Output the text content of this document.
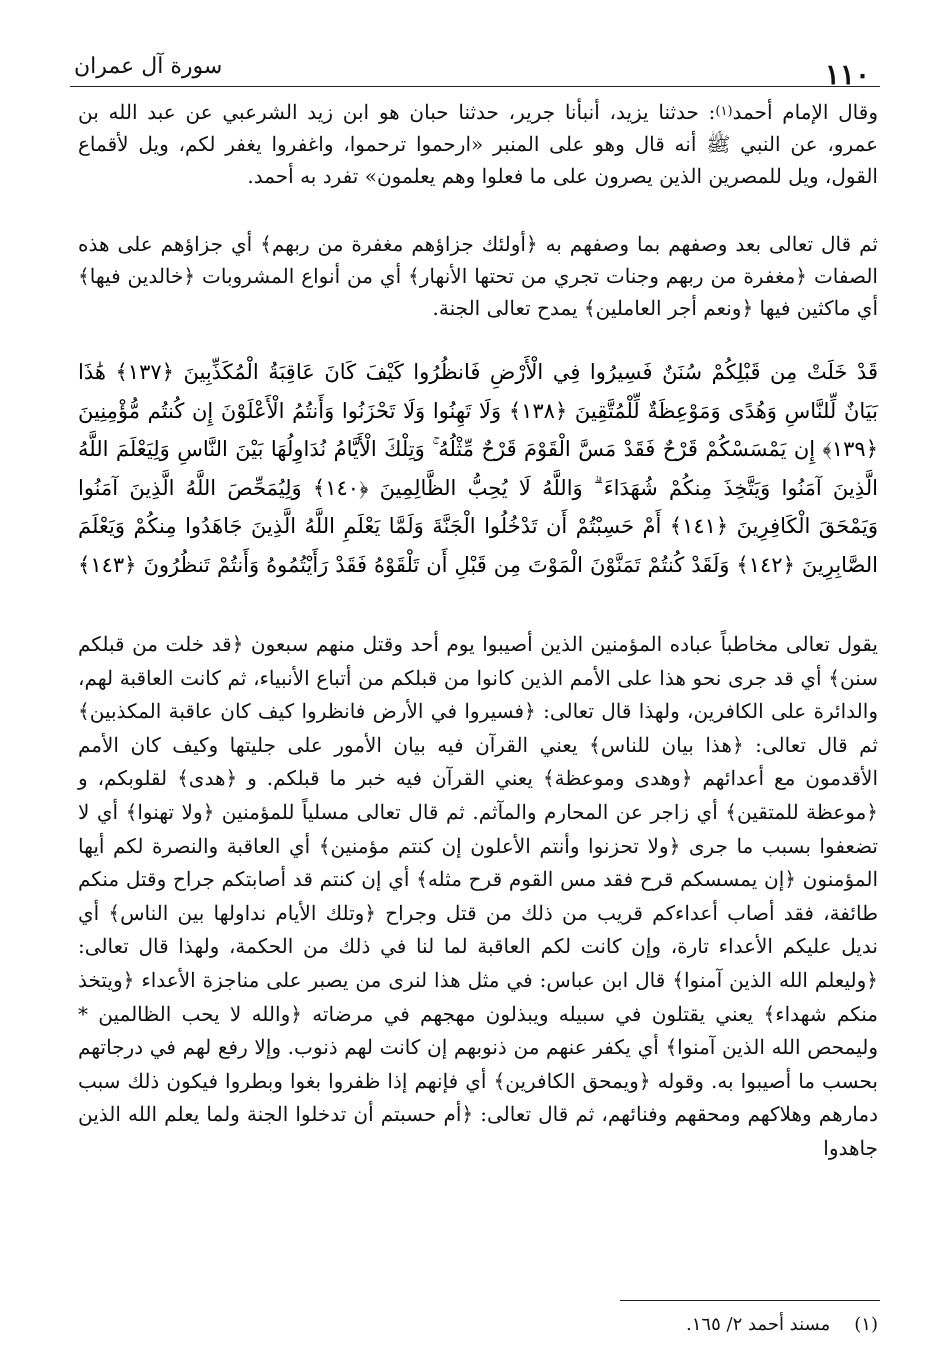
١١٠
سورة آل عمران

وقال الإمام أحمد$^{(١)}$: حدثنا يزيد، أنبأنا جرير، حدثنا حبان هو ابن زيد الشرعبي عن عبد الله بن عمرو، عن النبي ﷺ أنه قال وهو على المنبر «ارحموا ترحموا، واغفروا يغفر لكم، ويل لأقماع القول، ويل للمصرين الذين يصرون على ما فعلوا وهم يعلمون» تفرد به أحمد.

ثم قال تعالى بعد وصفهم بما وصفهم به ﴿أولئك جزاؤهم مغفرة من ربهم﴾ أي جزاؤهم على هذه الصفات ﴿مغفرة من ربهم وجنات تجري من تحتها الأنهار﴾ أي من أنواع المشروبات ﴿خالدين فيها﴾ أي ماكثين فيها ﴿ونعم أجر العاملين﴾ يمدح تعالى الجنة.

قَدْ خَلَتْ مِن قَبْلِكُمْ سُنَنٌ فَسِيرُوا فِي الْأَرْضِ فَانظُرُوا كَيْفَ كَانَ عَاقِبَةُ الْمُكَذِّبِينَ ﴿١٣٧﴾ هَٰذَا بَيَانٌ لِّلنَّاسِ وَهُدًى وَمَوْعِظَةٌ لِّلْمُتَّقِينَ ﴿١٣٨﴾ وَلَا تَهِنُوا وَلَا تَحْزَنُوا وَأَنتُمُ الْأَعْلَوْنَ إِن كُنتُم مُّؤْمِنِينَ ﴿١٣٩﴾ إِن يَمْسَسْكُمْ قَرْحٌ فَقَدْ مَسَّ الْقَوْمَ قَرْحٌ مِّثْلُهُ ۚ وَتِلْكَ الْأَيَّامُ نُدَاوِلُهَا بَيْنَ النَّاسِ وَلِيَعْلَمَ اللَّهُ الَّذِينَ آمَنُوا وَيَتَّخِذَ مِنكُمْ شُهَدَاءَ ۗ وَاللَّهُ لَا يُحِبُّ الظَّالِمِينَ ﴿١٤٠﴾ وَلِيُمَحِّصَ اللَّهُ الَّذِينَ آمَنُوا وَيَمْحَقَ الْكَافِرِينَ ﴿١٤١﴾ أَمْ حَسِبْتُمْ أَن تَدْخُلُوا الْجَنَّةَ وَلَمَّا يَعْلَمِ اللَّهُ الَّذِينَ جَاهَدُوا مِنكُمْ وَيَعْلَمَ الصَّابِرِينَ ﴿١٤٢﴾ وَلَقَدْ كُنتُمْ تَمَنَّوْنَ الْمَوْتَ مِن قَبْلِ أَن تَلْقَوْهُ فَقَدْ رَأَيْتُمُوهُ وَأَنتُمْ تَنظُرُونَ ﴿١٤٣﴾

يقول تعالى مخاطباً عباده المؤمنين الذين أصيبوا يوم أحد وقتل منهم سبعون ﴿قد خلت من قبلكم سنن﴾ أي قد جرى نحو هذا على الأمم الذين كانوا من قبلكم من أتباع الأنبياء، ثم كانت العاقبة لهم، والدائرة على الكافرين، ولهذا قال تعالى: ﴿فسيروا في الأرض فانظروا كيف كان عاقبة المكذبين﴾ ثم قال تعالى: ﴿هذا بيان للناس﴾ يعني القرآن فيه بيان الأمور على جليتها وكيف كان الأمم الأقدمون مع أعدائهم ﴿وهدى وموعظة﴾ يعني القرآن فيه خبر ما قبلكم. و ﴿هدى﴾ لقلوبكم، و ﴿موعظة للمتقين﴾ أي زاجر عن المحارم والمآثم. ثم قال تعالى مسلياً للمؤمنين ﴿ولا تهنوا﴾ أي لا تضعفوا بسبب ما جرى ﴿ولا تحزنوا وأنتم الأعلون إن كنتم مؤمنين﴾ أي العاقبة والنصرة لكم أيها المؤمنون ﴿إن يمسسكم قرح فقد مس القوم قرح مثله﴾ أي إن كنتم قد أصابتكم جراح وقتل منكم طائفة، فقد أصاب أعداءكم قريب من ذلك من قتل وجراح ﴿وتلك الأيام نداولها بين الناس﴾ أي نديل عليكم الأعداء تارة، وإن كانت لكم العاقبة لما لنا في ذلك من الحكمة، ولهذا قال تعالى: ﴿وليعلم الله الذين آمنوا﴾ قال ابن عباس: في مثل هذا لنرى من يصبر على مناجزة الأعداء ﴿ويتخذ منكم شهداء﴾ يعني يقتلون في سبيله ويبذلون مهجهم في مرضاته ﴿والله لا يحب الظالمين * وليمحص الله الذين آمنوا﴾ أي يكفر عنهم من ذنوبهم إن كانت لهم ذنوب. وإلا رفع لهم في درجاتهم بحسب ما أصيبوا به. وقوله ﴿ويمحق الكافرين﴾ أي فإنهم إذا ظفروا بغوا وبطروا فيكون ذلك سبب دمارهم وهلاكهم ومحقهم وفنائهم، ثم قال تعالى: ﴿أم حسبتم أن تدخلوا الجنة ولما يعلم الله الذين جاهدوا

(١)مسند أحمد ٢/ ١٦٥.
